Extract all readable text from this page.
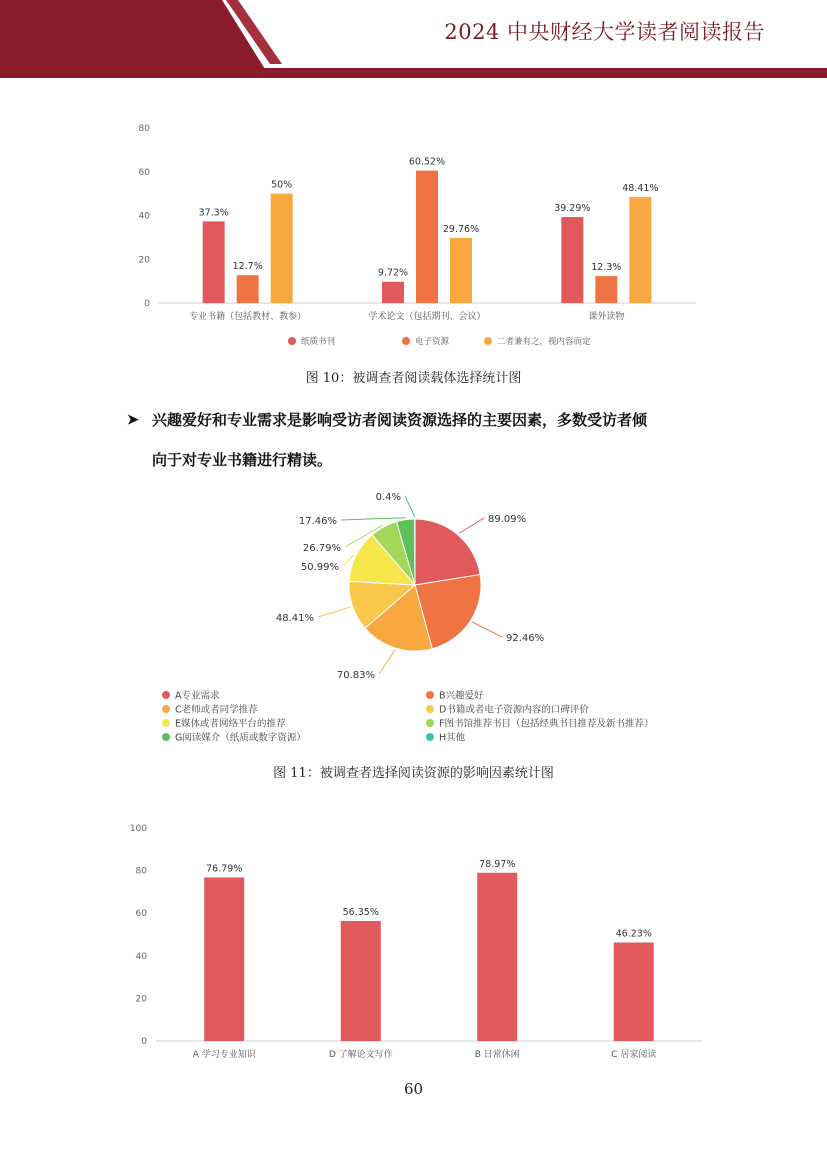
2024 中央财经大学读者阅读报告
0
20
40
60
80
专业书籍（包括教材、教参）
37.3%
12.7%
50%
学术论文（包括期刊、会议）
9.72%
60.52%
29.76%
课外读物
39.29%
12.3%
48.41%
纸质书刊	电子资源	二者兼有之，视内容而定
图 10：被调查者阅读载体选择统计图
➤ 兴趣爱好和专业需求是影响受访者阅读资源选择的主要因素，多数受访者倾
向于对专业书籍进行精读。
89.09%
92.46%
70.83%
48.41%
50.99%
26.79%
17.46%
0.4%
A专业需求	B兴趣爱好
C老师或者同学推荐	D书籍或者电子资源内容的口碑评价
E媒体或者网络平台的推荐	F图书馆推荐书目（包括经典书目推荐及新书推荐）
G阅读媒介（纸质或数字资源）	H其他
图 11：被调查者选择阅读资源的影响因素统计图
0
20
40
60
80
100
76.79%
A 学习专业知识
56.35%
D 了解论文写作
78.97%
B 日常休闲
46.23%
C 居家阅读
60
